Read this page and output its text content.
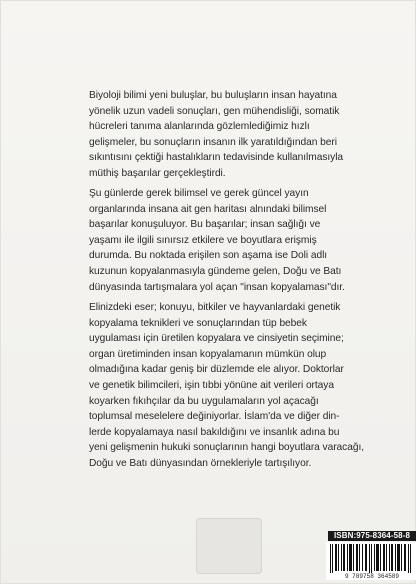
Biyoloji bilimi yeni buluşlar, bu buluşların insan hayatına
yönelik uzun vadeli sonuçları, gen mühendisliği, somatik
hücreleri tanıma alanlarında gözlemlediğimiz hızlı
gelişmeler, bu sonuçların insanın ilk yaratıldığından beri
sıkıntısını çektiği hastalıkların tedavisinde kullanılmasıyla
müthiş başarılar gerçekleştirdi.
Şu günlerde gerek bilimsel ve gerek güncel yayın
organlarında insana ait gen haritası alnındaki bilimsel
başarılar konuşuluyor. Bu başarılar; insan sağlığı ve
yaşamı ile ilgili sınırsız etkilere ve boyutlara erişmiş
durumda. Bu noktada erişilen son aşama ise Doli adlı
kuzunun kopyalanmasıyla gündeme gelen, Doğu ve Batı
dünyasında tartışmalara yol açan "insan kopyalaması"dır.
Elinizdeki eser; konuyu, bitkiler ve hayvanlardaki genetik
kopyalama teknikleri ve sonuçlarından tüp bebek
uygulaması için üretilen kopyalara ve cinsiyetin seçimine;
organ üretiminden insan kopyalamanın mümkün olup
olmadığına kadar geniş bir düzlemde ele alıyor. Doktorlar
ve genetik bilimcileri, işin tıbbi yönüne ait verileri ortaya
koyarken fıkıhçılar da bu uygulamaların yol açacağı
toplumsal meselelere değiniyorlar. İslam'da ve diğer din-
lerde kopyalamaya nasıl bakıldığını ve insanlık adına bu
yeni gelişmenin hukuki sonuçlarının hangi boyutlara varacağı,
Doğu ve Batı dünyasından örnekleriyle tartışılıyor.
ISBN:975-8364-58-8
9 789758 364589
